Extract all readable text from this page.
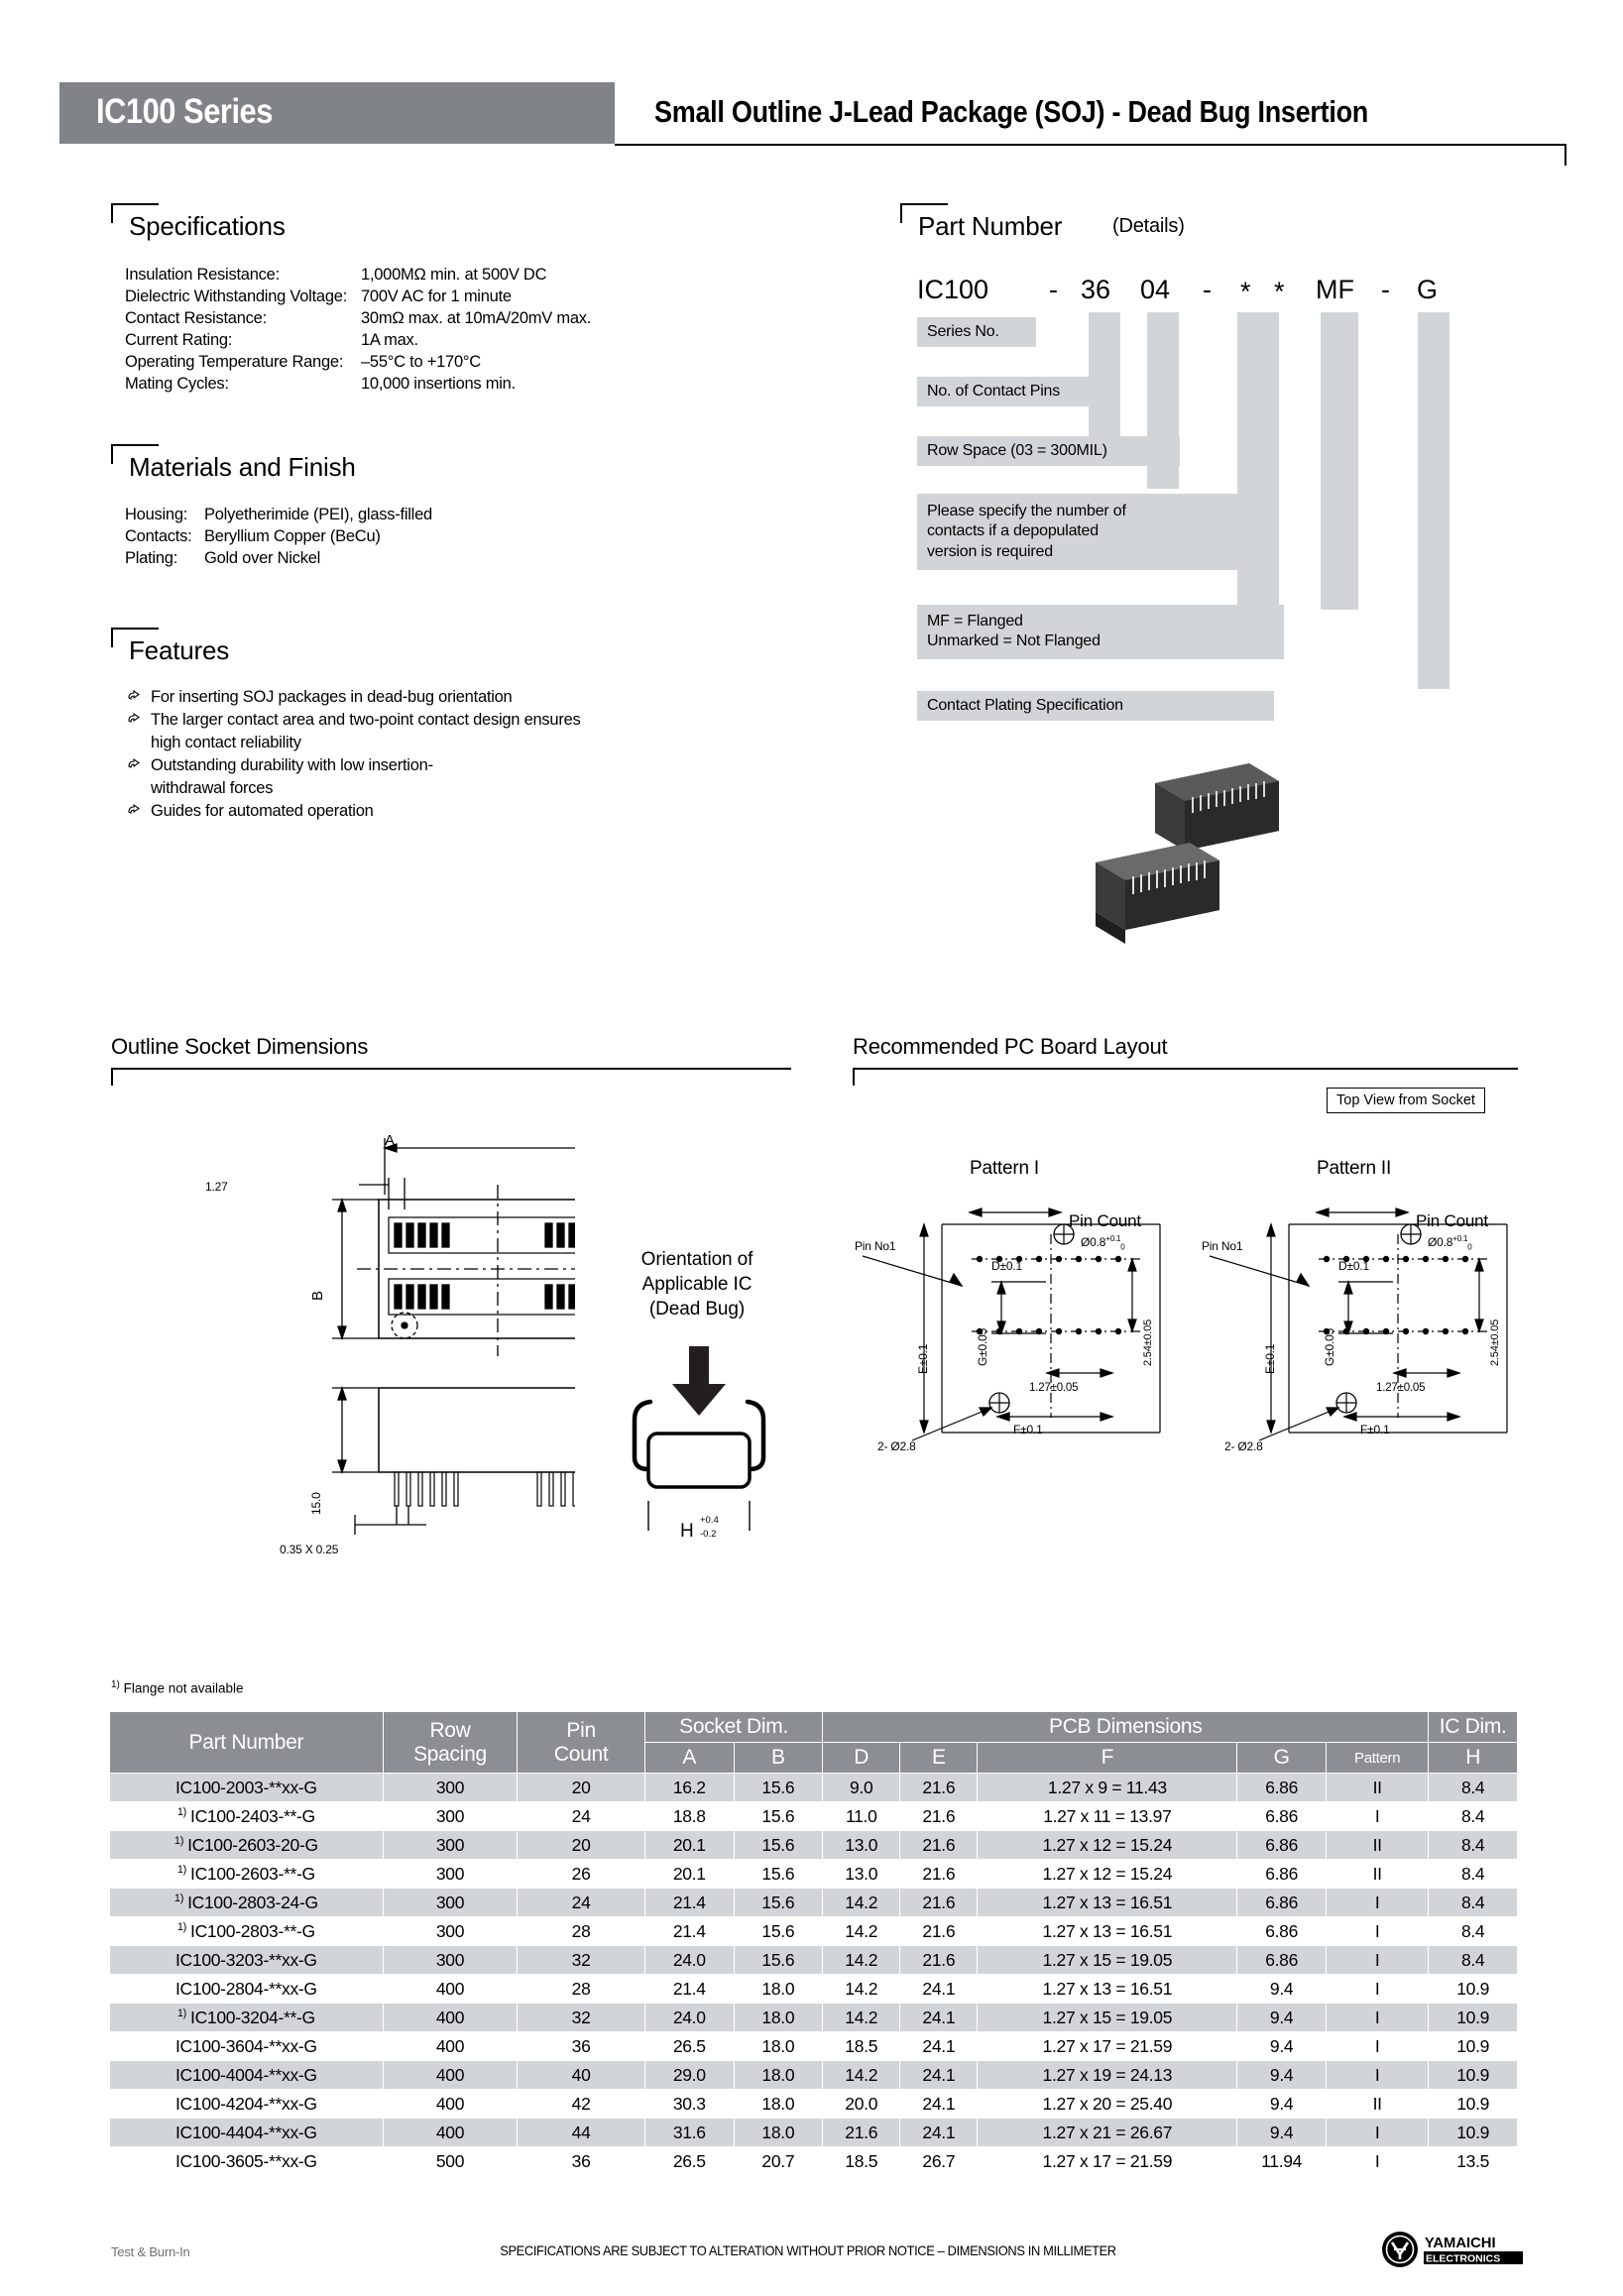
IC100 Series	Small Outline J-Lead Package (SOJ) - Dead Bug Insertion
Specifications
Insulation Resistance:	1,000MΩ min. at 500V DC
Dielectric Withstanding Voltage: 700V AC for 1 minute
Contact Resistance:	30mΩ max. at 10mA/20mV max.
Current Rating:	1A max.
Operating Temperature Range: –55°C to +170°C
Mating Cycles:	10,000 insertions min.
Materials and Finish
Housing: Polyetherimide (PEI), glass-filled
Contacts: Beryllium Copper (BeCu)
Plating: Gold over Nickel
Features
For inserting SOJ packages in dead-bug orientation
The larger contact area and two-point contact design ensures
high contact reliability
Outstanding durability with low insertion-
withdrawal forces
Guides for automated operation
Part Number	(Details)
IC100 - 36 04 - * * MF - G
Series No.
No. of Contact Pins
Row Space (03 = 300MIL)
Please specify the number of
contacts if a depopulated
version is required
MF = Flanged
Unmarked = Not Flanged
Contact Plating Specification
Outline Socket Dimensions
A
1.27
B
15.0
0.35 X 0.25
Orientation of
Applicable IC
(Dead Bug)
H
+0.4
-0.2
Recommended PC Board Layout
Top View from Socket
Pattern I	Pattern II
Pin No1
Pin Count
$Ø0.8^{+0.1}_0$
D±0.1
E±0.1	G±0.05	2.54±0.05
1.27±0.05
F±0.1
2- Ø2.8
Pin No1
Pin Count
$Ø0.8^{+0.1}_0$
D±0.1
E±0.1	G±0.05	2.54±0.05
1.27±0.05
F±0.1
2- Ø2.8
$^{1)}$ Flange not available
Part Number	
Row
Spacing

Pin
Count
	Socket Dim.	PCB Dimensions	IC Dim.
			A	B	D	E	F	G	Pattern	H
IC100-2003-**xx-G	300	20	16.2	15.6	9.0	21.6	1.27 x 9 = 11.43	6.86	II	8.4
$^{1)}$ IC100-2403-**-G	300	24	18.8	15.6	11.0	21.6	1.27 x 11 = 13.97	6.86	I	8.4
$^{1)}$ IC100-2603-20-G	300	20	20.1	15.6	13.0	21.6	1.27 x 12 = 15.24	6.86	II	8.4
$^{1)}$ IC100-2603-**-G	300	26	20.1	15.6	13.0	21.6	1.27 x 12 = 15.24	6.86	II	8.4
$^{1)}$ IC100-2803-24-G	300	24	21.4	15.6	14.2	21.6	1.27 x 13 = 16.51	6.86	I	8.4
$^{1)}$ IC100-2803-**-G	300	28	21.4	15.6	14.2	21.6	1.27 x 13 = 16.51	6.86	I	8.4
IC100-3203-**xx-G	300	32	24.0	15.6	14.2	21.6	1.27 x 15 = 19.05	6.86	I	8.4
IC100-2804-**xx-G	400	28	21.4	18.0	14.2	24.1	1.27 x 13 = 16.51	9.4	I	10.9
$^{1)}$ IC100-3204-**-G	400	32	24.0	18.0	14.2	24.1	1.27 x 15 = 19.05	9.4	I	10.9
IC100-3604-**xx-G	400	36	26.5	18.0	18.5	24.1	1.27 x 17 = 21.59	9.4	I	10.9
IC100-4004-**xx-G	400	40	29.0	18.0	14.2	24.1	1.27 x 19 = 24.13	9.4	I	10.9
IC100-4204-**xx-G	400	42	30.3	18.0	20.0	24.1	1.27 x 20 = 25.40	9.4	II	10.9
IC100-4404-**xx-G	400	44	31.6	18.0	21.6	24.1	1.27 x 21 = 26.67	9.4	I	10.9
IC100-3605-**xx-G	500	36	26.5	20.7	18.5	26.7	1.27 x 17 = 21.59	11.94	I	13.5
Test & Burn-In	SPECIFICATIONS ARE SUBJECT TO ALTERATION WITHOUT PRIOR NOTICE – DIMENSIONS IN MILLIMETER	YAMAICHI
ELECTRONICS
